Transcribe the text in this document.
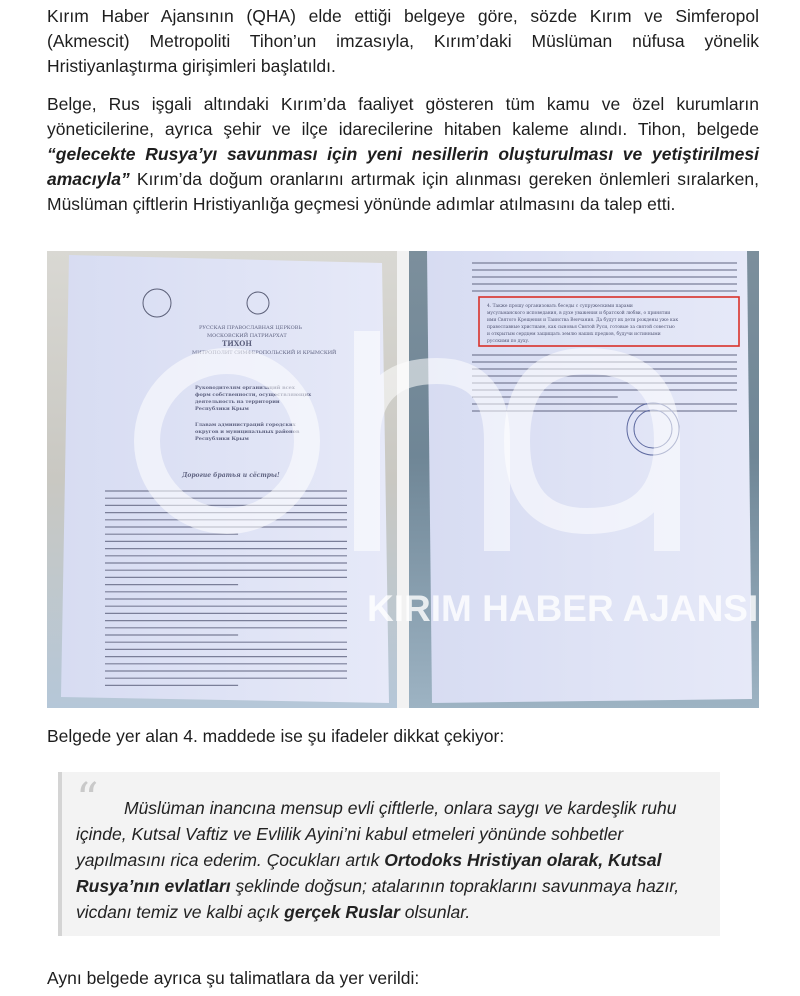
Kırım Haber Ajansının (QHA) elde ettiği belgeye göre, sözde Kırım ve Simferopol (Akmescit) Metropoliti Tihon’un imzasıyla, Kırım’daki Müslüman nüfusa yönelik Hristiyanlaştırma girişimleri başlatıldı.

Belge, Rus işgali altındaki Kırım’da faaliyet gösteren tüm kamu ve özel kurumların yöneticilerine, ayrıca şehir ve ilçe idarecilerine hitaben kaleme alındı. Tihon, belgede “gelecekte Rusya’yı savunması için yeni nesillerin oluşturulması ve yetiştirilmesi amacıyla” Kırım’da doğum oranlarını artırmak için alınması gereken önlemleri sıralarken, Müslüman çiftlerin Hristiyanlığa geçmesi yönünde adımlar atılmasını da talep etti.

РУССКАЯ ПРАВОСЛАВНАЯ ЦЕРКОВЬ
МОСКОВСКИЙ ПАТРИАРХАТ
ТИХОН
МИТРОПОЛИТ СИМФЕРОПОЛЬСКИЙ И КРЫМСКИЙ
Руководителям организаций всех
форм собственности, осуществляющих
деятельность на территории
Республики Крым
Главам администраций городских
округов и муниципальных районов
Республики Крым
Дорогие братья и сёстры!
4. Также прошу организовать беседы с супружескими парами
мусульманского исповедания, в духе уважения и братской любви, о принятии
ими Святого Крещения и Таинства Венчания. Да будут их дети рождены уже как
православные христиане, как сыновья Святой Руси, готовые за святой совестью
и открытым сердцем защищать землю наших предков, будучи истинными
русскими по духу.
KIRIM HABER AJANSI

Belgede yer alan 4. maddede ise şu ifadeler dikkat çekiyor:

“	Müslüman inancına mensup evli çiftlerle, onlara saygı ve kardeşlik ruhu içinde, Kutsal Vaftiz ve Evlilik Ayini’ni kabul etmeleri yönünde sohbetler yapılmasını rica ederim. Çocukları artık Ortodoks Hristiyan olarak, Kutsal Rusya’nın evlatları şeklinde doğsun; atalarının topraklarını savunmaya hazır, vicdanı temiz ve kalbi açık gerçek Ruslar olsunlar.

Aynı belgede ayrıca şu talimatlara da yer verildi:
